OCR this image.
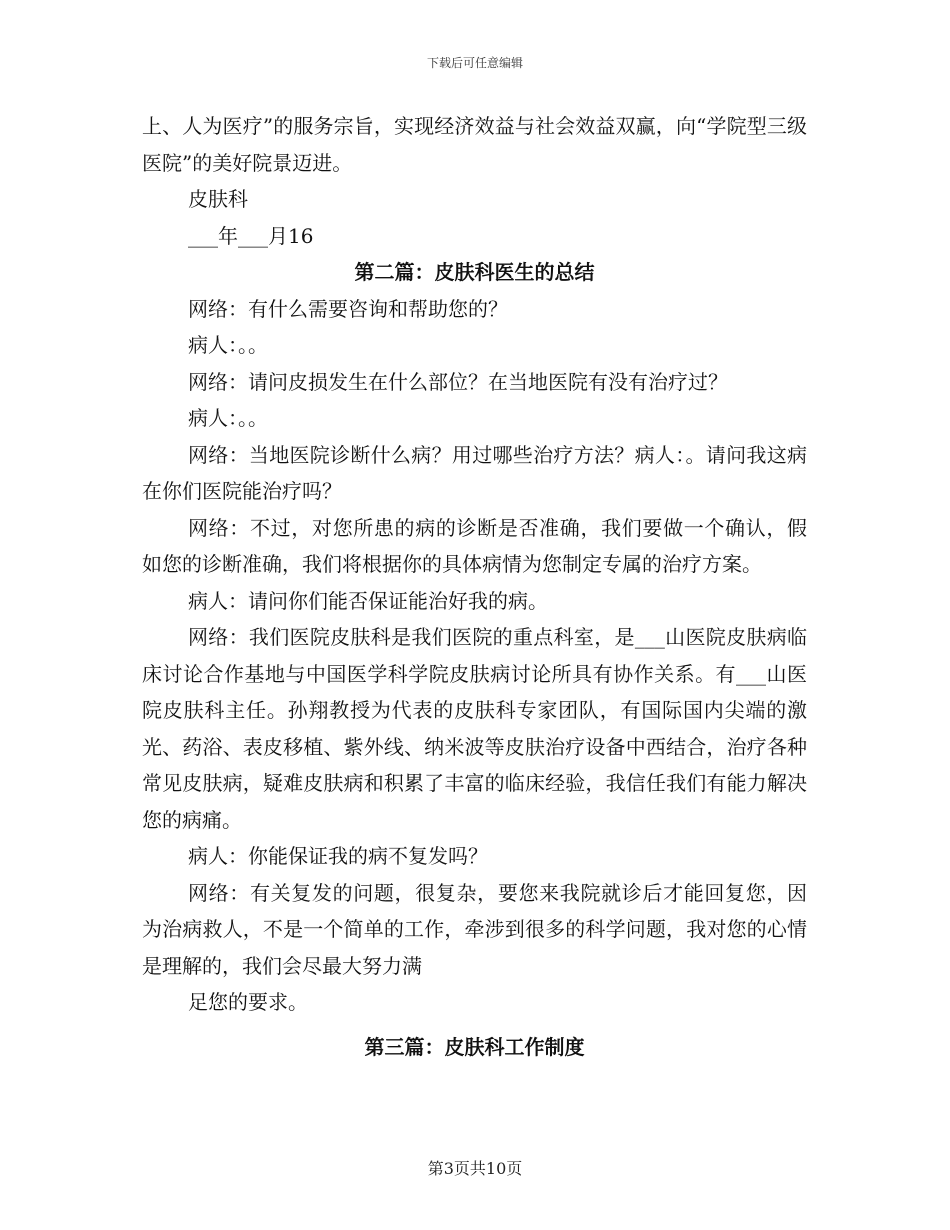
下载后可任意编辑

上、人为医疗”的服务宗旨，实现经济效益与社会效益双赢，向“学院型三级医院”的美好院景迈进。

皮肤科

___年___月16

第二篇：皮肤科医生的总结

网络：有什么需要咨询和帮助您的？

病人：。。

网络：请问皮损发生在什么部位？在当地医院有没有治疗过？

病人：。。

网络：当地医院诊断什么病？用过哪些治疗方法？病人：。请问我这病在你们医院能治疗吗？

网络：不过，对您所患的病的诊断是否准确，我们要做一个确认，假如您的诊断准确，我们将根据你的具体病情为您制定专属的治疗方案。

病人：请问你们能否保证能治好我的病。

网络：我们医院皮肤科是我们医院的重点科室，是___山医院皮肤病临床讨论合作基地与中国医学科学院皮肤病讨论所具有协作关系。有___山医院皮肤科主任。孙翔教授为代表的皮肤科专家团队，有国际国内尖端的激光、药浴、表皮移植、紫外线、纳米波等皮肤治疗设备中西结合，治疗各种常见皮肤病，疑难皮肤病和积累了丰富的临床经验，我信任我们有能力解决您的病痛。

病人：你能保证我的病不复发吗？

网络：有关复发的问题，很复杂，要您来我院就诊后才能回复您，因为治病救人，不是一个简单的工作，牵涉到很多的科学问题，我对您的心情是理解的，我们会尽最大努力满

足您的要求。

第三篇：皮肤科工作制度

第3页共10页
